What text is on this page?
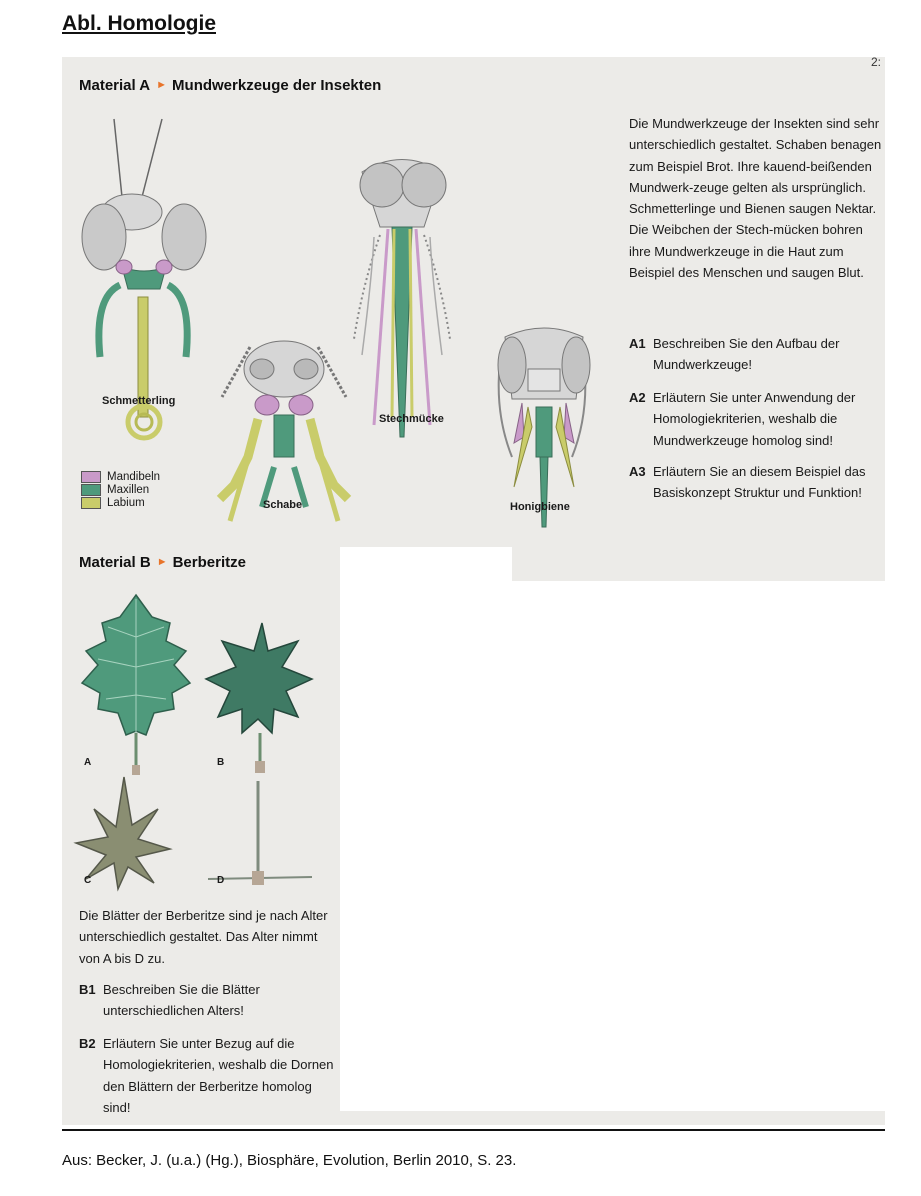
Abl. Homologie
2:
Material A ► Mundwerkzeuge der Insekten
Die Mundwerkzeuge der Insekten sind sehr unterschiedlich gestaltet. Schaben benagen zum Beispiel Brot. Ihre kauend-beißenden Mundwerk-zeuge gelten als ursprünglich. Schmetterlinge und Bienen saugen Nektar. Die Weibchen der Stech-mücken bohren ihre Mundwerkzeuge in die Haut zum Beispiel des Menschen und saugen Blut.
A1 Beschreiben Sie den Aufbau der Mundwerkzeuge!
A2 Erläutern Sie unter Anwendung der Homologiekriterien, weshalb die Mundwerkzeuge homolog sind!
A3 Erläutern Sie an diesem Beispiel das Basiskonzept Struktur und Funktion!
Schmetterling
Schabe
Stechmücke
Honigbiene
Mandibeln
Maxillen
Labium
Material B ► Berberitze
A	B
C	D
Die Blätter der Berberitze sind je nach Alter unterschiedlich gestaltet. Das Alter nimmt von A bis D zu.
B1 Beschreiben Sie die Blätter unterschiedlichen Alters!
B2 Erläutern Sie unter Bezug auf die Homologiekriterien, weshalb die Dornen den Blättern der Berberitze homolog sind!
Aus: Becker, J. (u.a.) (Hg.), Biosphäre, Evolution, Berlin 2010, S. 23.
